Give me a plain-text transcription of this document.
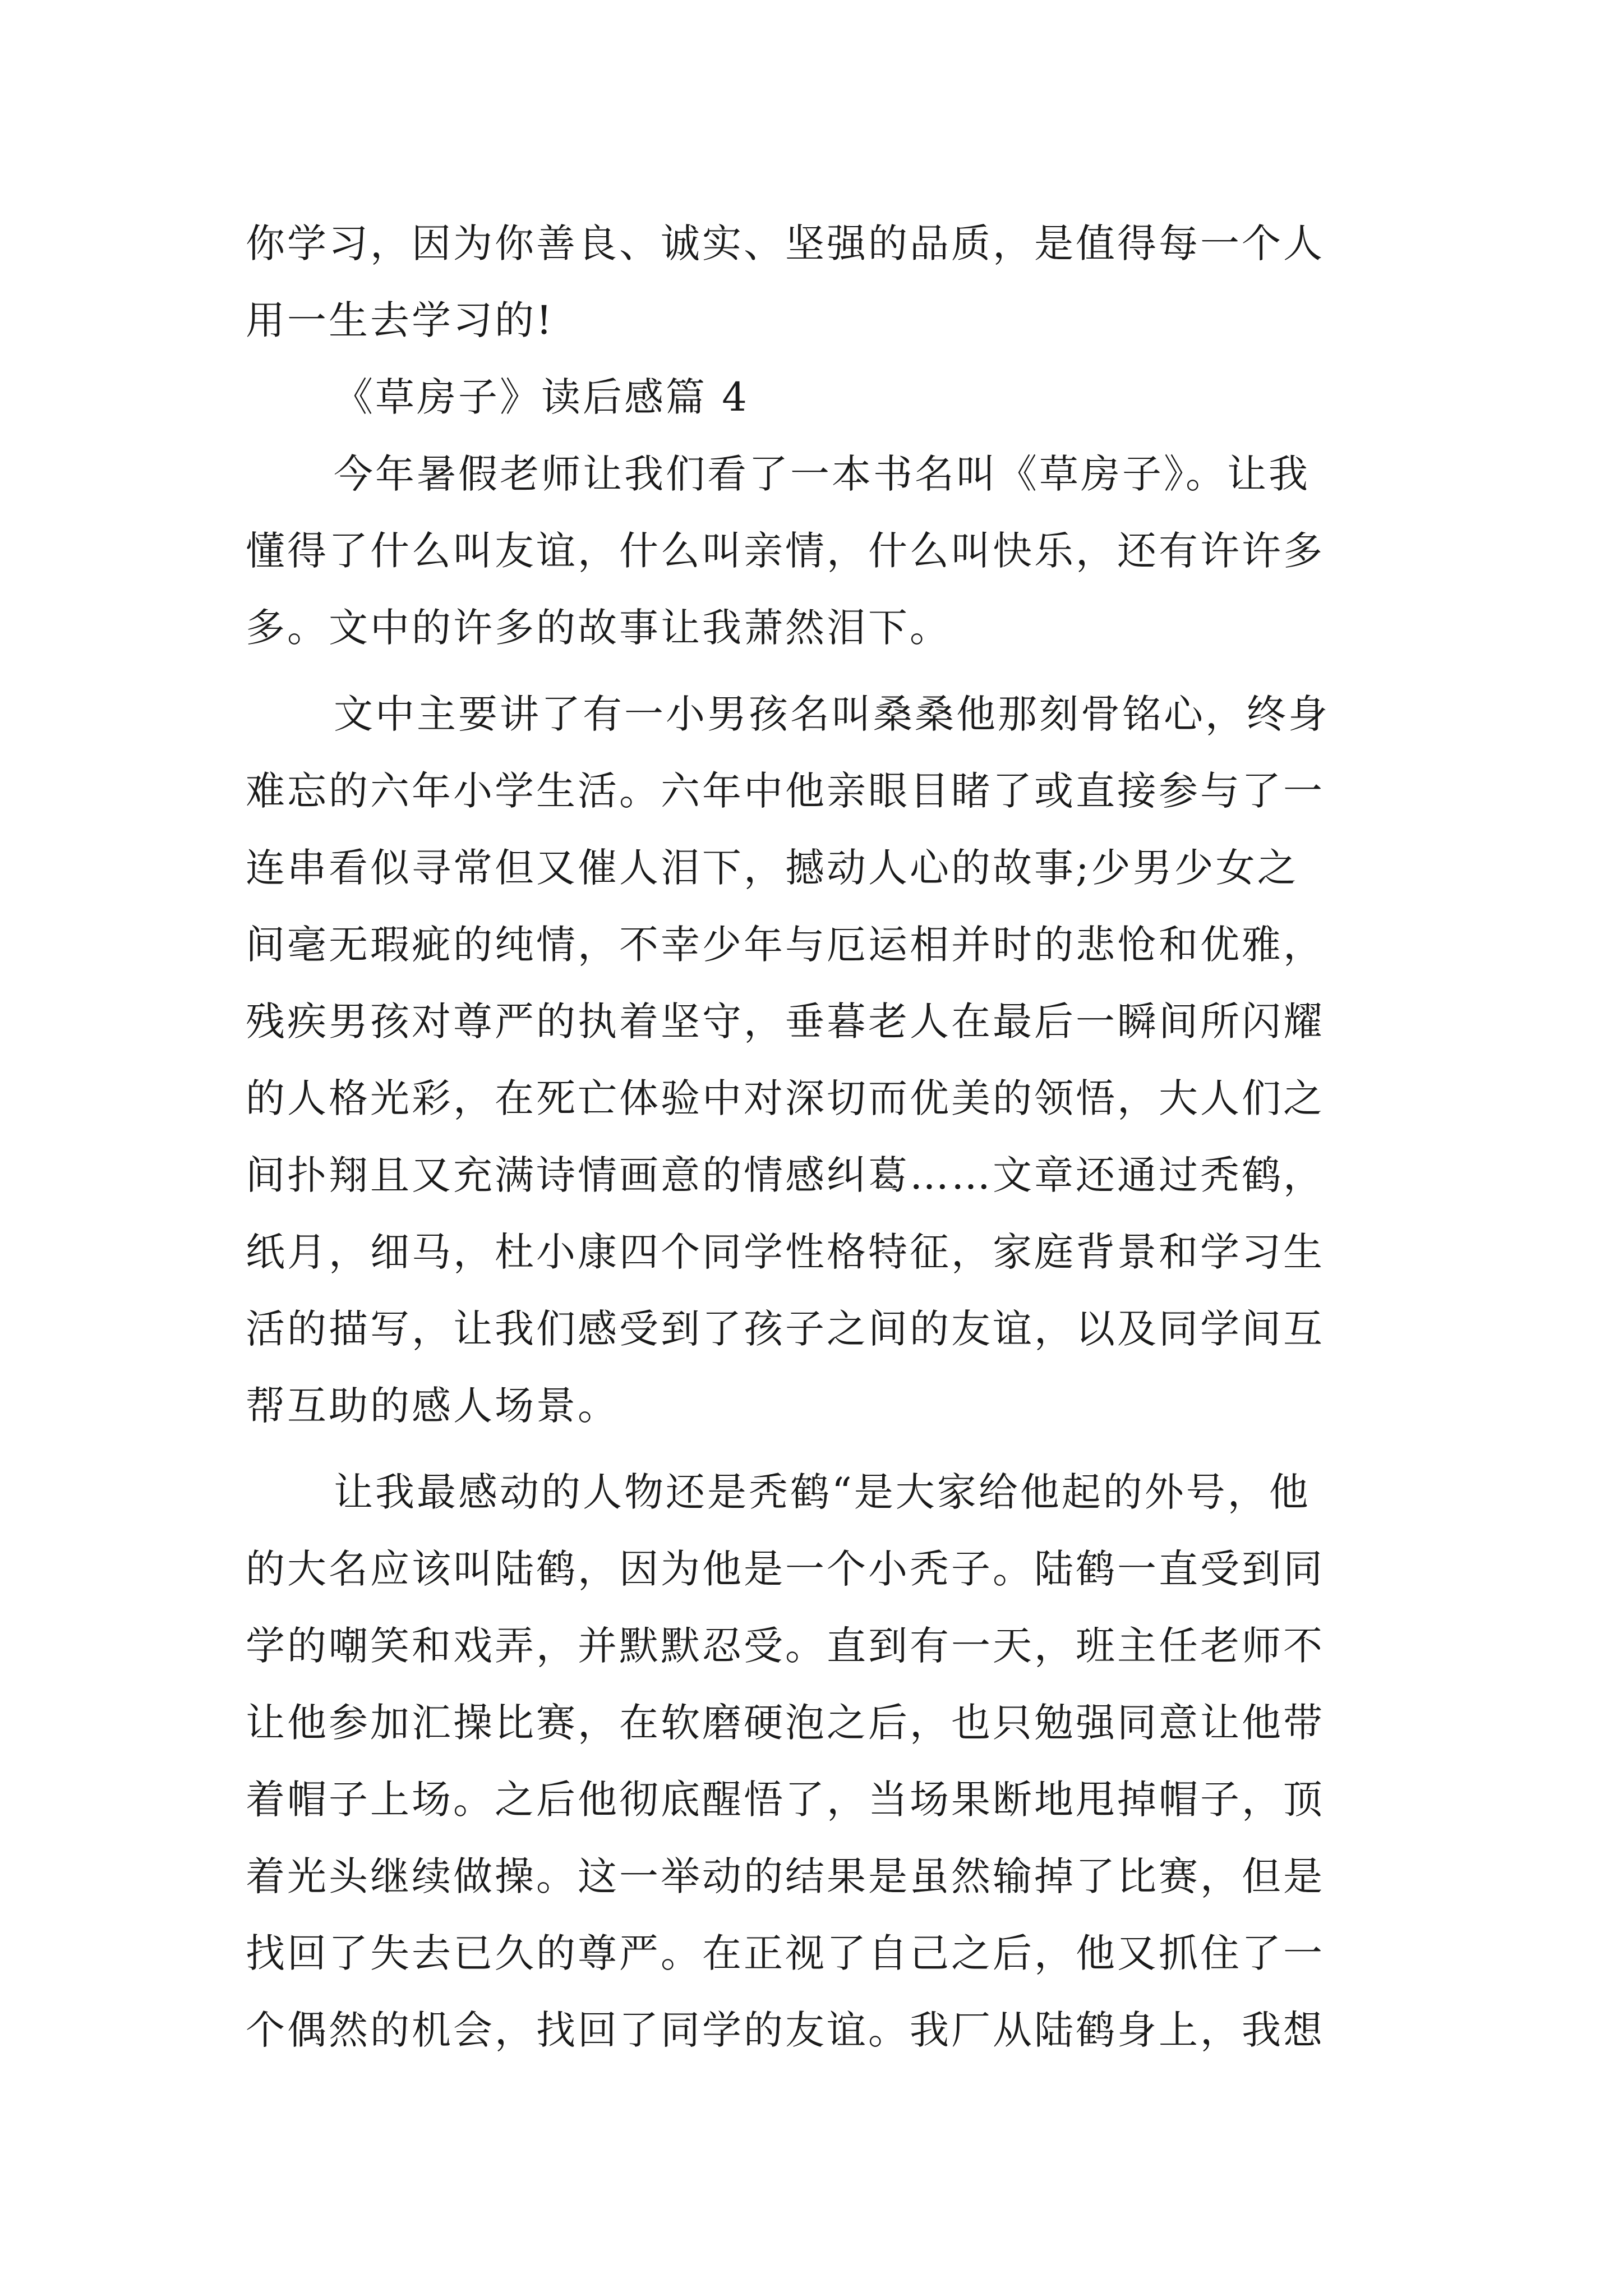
你学习，因为你善良、诚实、坚强的品质，是值得每一个人
用一生去学习的!
《草房子》读后感篇 4
今年暑假老师让我们看了一本书名叫《草房子》。让我
懂得了什么叫友谊，什么叫亲情，什么叫快乐，还有许许多
多。文中的许多的故事让我萧然泪下。
文中主要讲了有一小男孩名叫桑桑他那刻骨铭心，终身
难忘的六年小学生活。六年中他亲眼目睹了或直接参与了一
连串看似寻常但又催人泪下，撼动人心的故事;少男少女之
间毫无瑕疵的纯情，不幸少年与厄运相并时的悲怆和优雅，
残疾男孩对尊严的执着坚守，垂暮老人在最后一瞬间所闪耀
的人格光彩，在死亡体验中对深切而优美的领悟，大人们之
间扑翔且又充满诗情画意的情感纠葛……文章还通过秃鹤，
纸月，细马，杜小康四个同学性格特征，家庭背景和学习生
活的描写，让我们感受到了孩子之间的友谊，以及同学间互
帮互助的感人场景。
让我最感动的人物还是秃鹤“是大家给他起的外号，他
的大名应该叫陆鹤，因为他是一个小秃子。陆鹤一直受到同
学的嘲笑和戏弄，并默默忍受。直到有一天，班主任老师不
让他参加汇操比赛，在软磨硬泡之后，也只勉强同意让他带
着帽子上场。之后他彻底醒悟了，当场果断地甩掉帽子，顶
着光头继续做操。这一举动的结果是虽然输掉了比赛，但是
找回了失去已久的尊严。在正视了自己之后，他又抓住了一
个偶然的机会，找回了同学的友谊。我厂从陆鹤身上，我想
